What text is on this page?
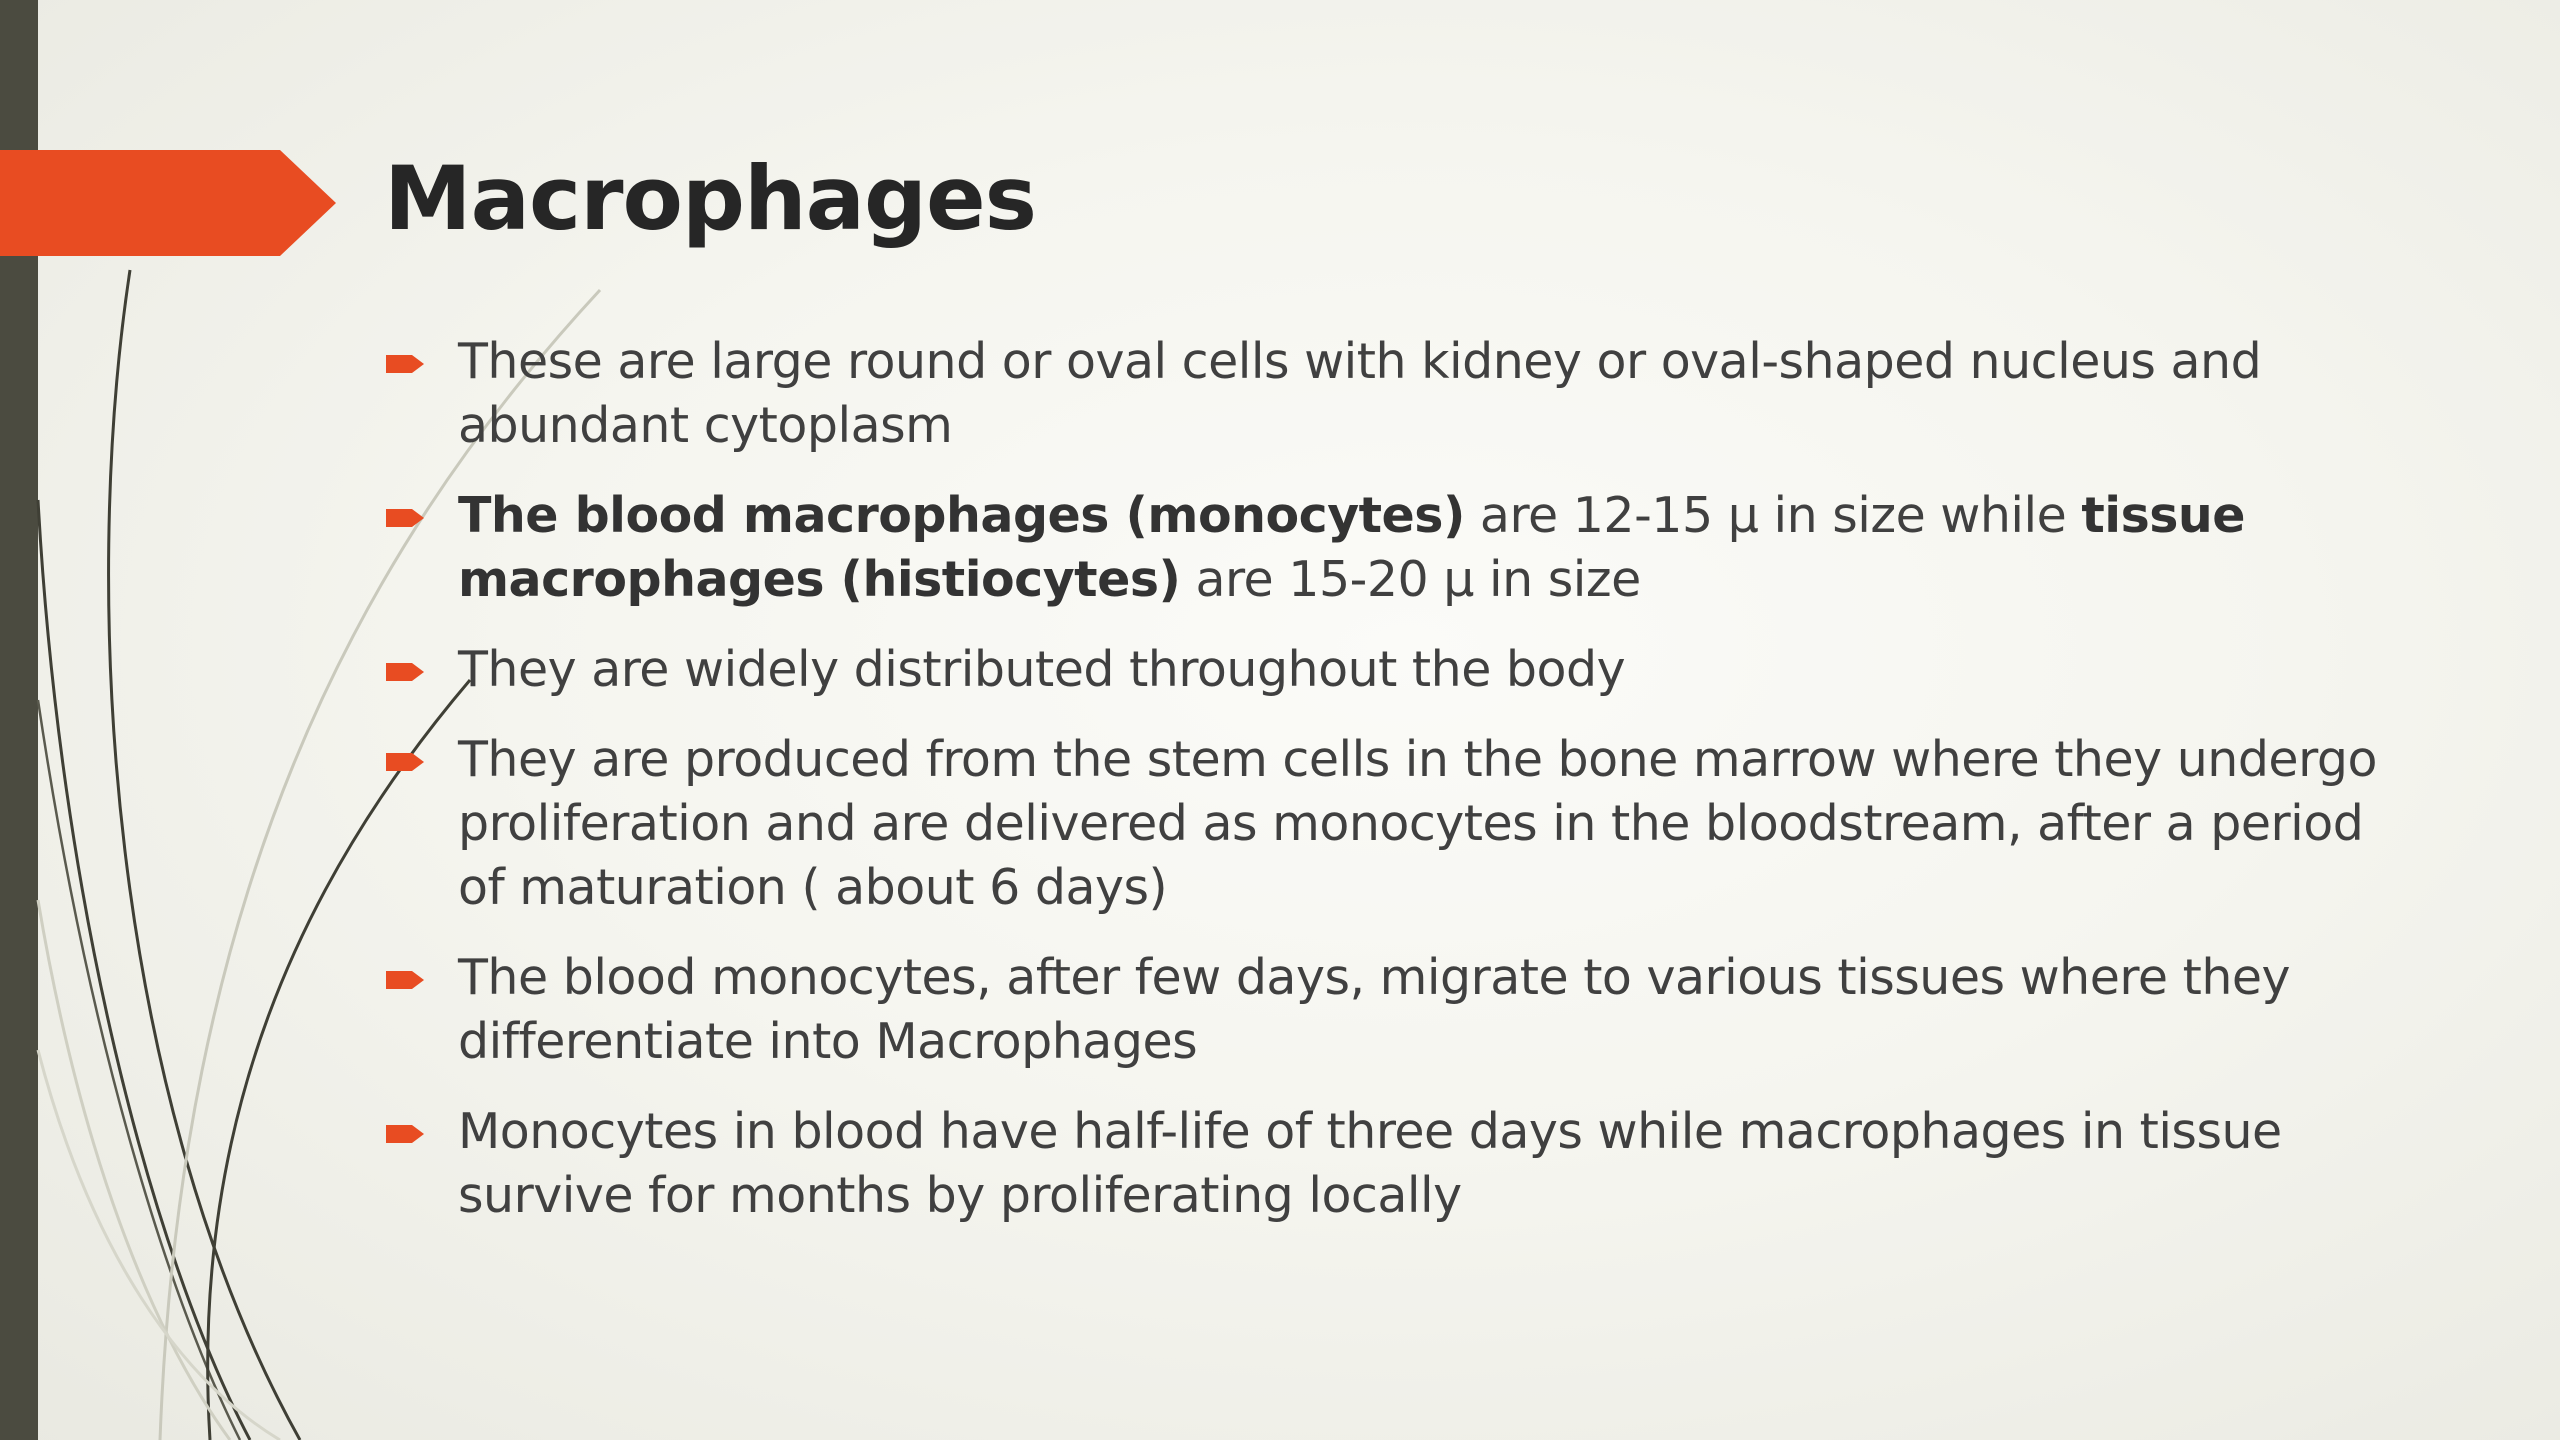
Macrophages
These are large round or oval cells with kidney or oval-shaped nucleus and abundant cytoplasm
The blood macrophages (monocytes) are 12-15 μ in size while tissue macrophages (histiocytes) are 15-20 μ in size
They are widely distributed throughout the body
They are produced from the stem cells in the bone marrow where they undergo proliferation and are delivered as monocytes in the bloodstream, after a period of maturation ( about 6 days)
The blood monocytes, after few days, migrate to various tissues where they differentiate into Macrophages
Monocytes in blood have half-life of three days while macrophages in tissue survive for months by proliferating locally
